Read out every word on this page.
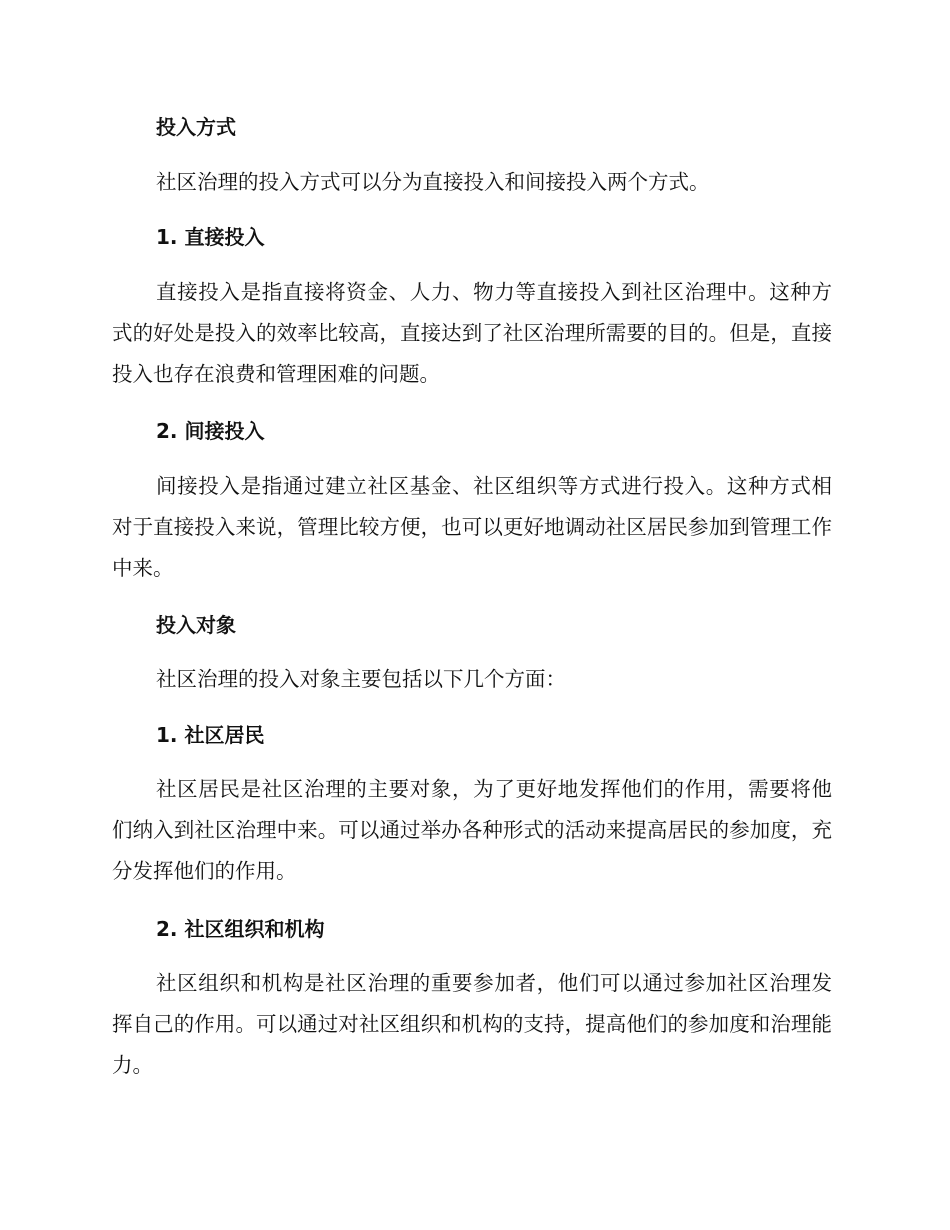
投入方式

社区治理的投入方式可以分为直接投入和间接投入两个方式。

1. 直接投入

直接投入是指直接将资金、人力、物力等直接投入到社区治理中。这种方式的好处是投入的效率比较高，直接达到了社区治理所需要的目的。但是，直接投入也存在浪费和管理困难的问题。

2. 间接投入

间接投入是指通过建立社区基金、社区组织等方式进行投入。这种方式相对于直接投入来说，管理比较方便，也可以更好地调动社区居民参加到管理工作中来。

投入对象

社区治理的投入对象主要包括以下几个方面：

1. 社区居民

社区居民是社区治理的主要对象，为了更好地发挥他们的作用，需要将他们纳入到社区治理中来。可以通过举办各种形式的活动来提高居民的参加度，充分发挥他们的作用。

2. 社区组织和机构

社区组织和机构是社区治理的重要参加者，他们可以通过参加社区治理发挥自己的作用。可以通过对社区组织和机构的支持，提高他们的参加度和治理能力。
